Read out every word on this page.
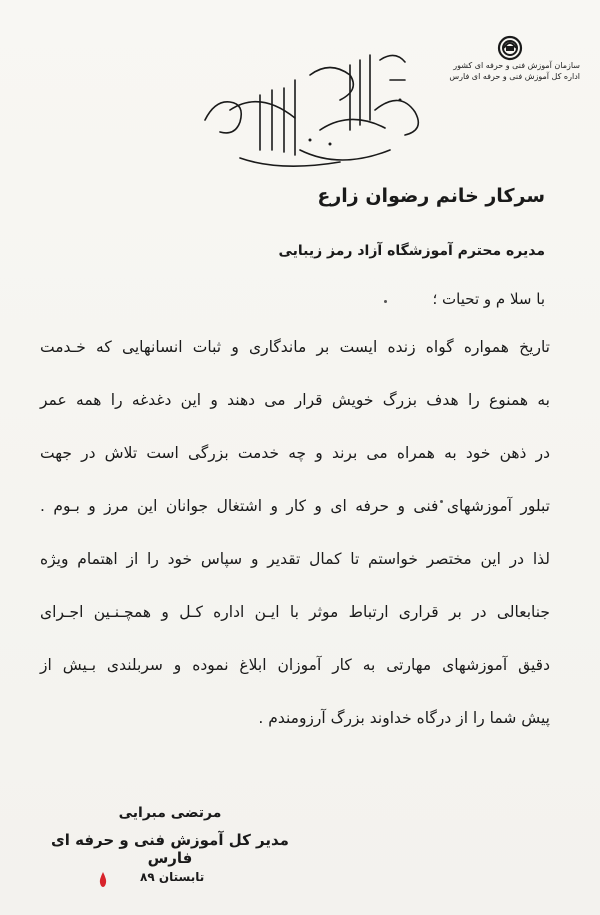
سازمان آموزش فنی و حرفه ای کشور
اداره کل آموزش فنی و حرفه ای فارس
سرکار خانم رضوان زارع
مدیره محترم آموزشگاه آزاد رمز زیبایی
با سلا م و تحیات ؛
تاریخ همواره گواه زنده ایست بر ماندگاری و ثبات انسانهایی که خـدمت
به همنوع را هدف بزرگ خویش قرار می دهند و این دغدغه را همه عمر
در ذهن خود به همراه می برند و چه خدمت بزرگی است تلاش در جهت
تبلور آموزشهای فنی و حرفه ای و کار و اشتغال جوانان این مرز و بـوم .
لذا در این مختصر خواستم تا کمال تقدیر و سپاس خود را از اهتمام ویژه
جنابعالی در بر قراری ارتباط موثر با ایـن اداره کـل و همچـنـین اجـرای
دقیق آموزشهای مهارتی به کار آموزان ابلاغ نموده و سربلندی بـیش از
پیش شما را از درگاه خداوند بزرگ آرزومندم .
مرتضی مبرایی
مدیر کل آموزش فنی و حرفه ای فارس
تابستان ۸۹
